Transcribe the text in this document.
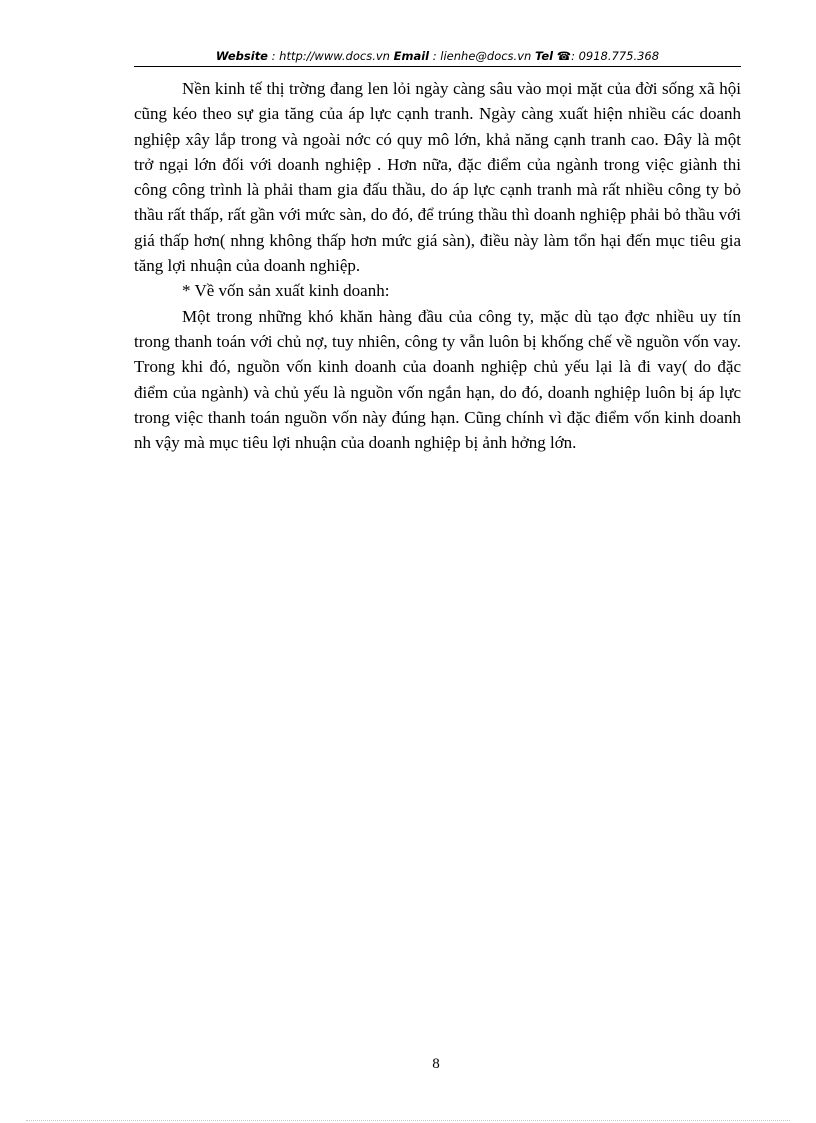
Website : http://www.docs.vn Email : lienhe@docs.vn Tel ☎: 0918.775.368

Nền kinh tế thị trờng đang len lỏi ngày càng sâu vào mọi mặt của đời sống xã hội cũng kéo theo sự gia tăng của áp lực cạnh tranh. Ngày càng xuất hiện nhiều các doanh nghiệp xây lắp trong và ngoài nớc có quy mô lớn, khả năng cạnh tranh cao. Đây là một trở ngại lớn đối với doanh nghiệp . Hơn nữa, đặc điểm của ngành trong việc giành thi công công trình là phải tham gia đấu thầu, do áp lực cạnh tranh mà rất nhiều công ty bỏ thầu rất thấp, rất gần với mức sàn, do đó, để trúng thầu thì doanh nghiệp phải bỏ thầu với giá thấp hơn( nhng không thấp hơn mức giá sàn), điều này làm tổn hại đến mục tiêu gia tăng lợi nhuận của doanh nghiệp.

* Về vốn sản xuất kinh doanh:

Một trong những khó khăn hàng đầu của công ty, mặc dù tạo đợc nhiều uy tín trong thanh toán với chủ nợ, tuy nhiên, công ty vẫn luôn bị khống chế về nguồn vốn vay. Trong khi đó, nguồn vốn kinh doanh của doanh nghiệp chủ yếu lại là đi vay( do đặc điểm của ngành) và chủ yếu là nguồn vốn ngắn hạn, do đó, doanh nghiệp luôn bị áp lực trong việc thanh toán nguồn vốn này đúng hạn. Cũng chính vì đặc điểm vốn kinh doanh nh vậy mà mục tiêu lợi nhuận của doanh nghiệp bị ảnh hởng lớn.

8
